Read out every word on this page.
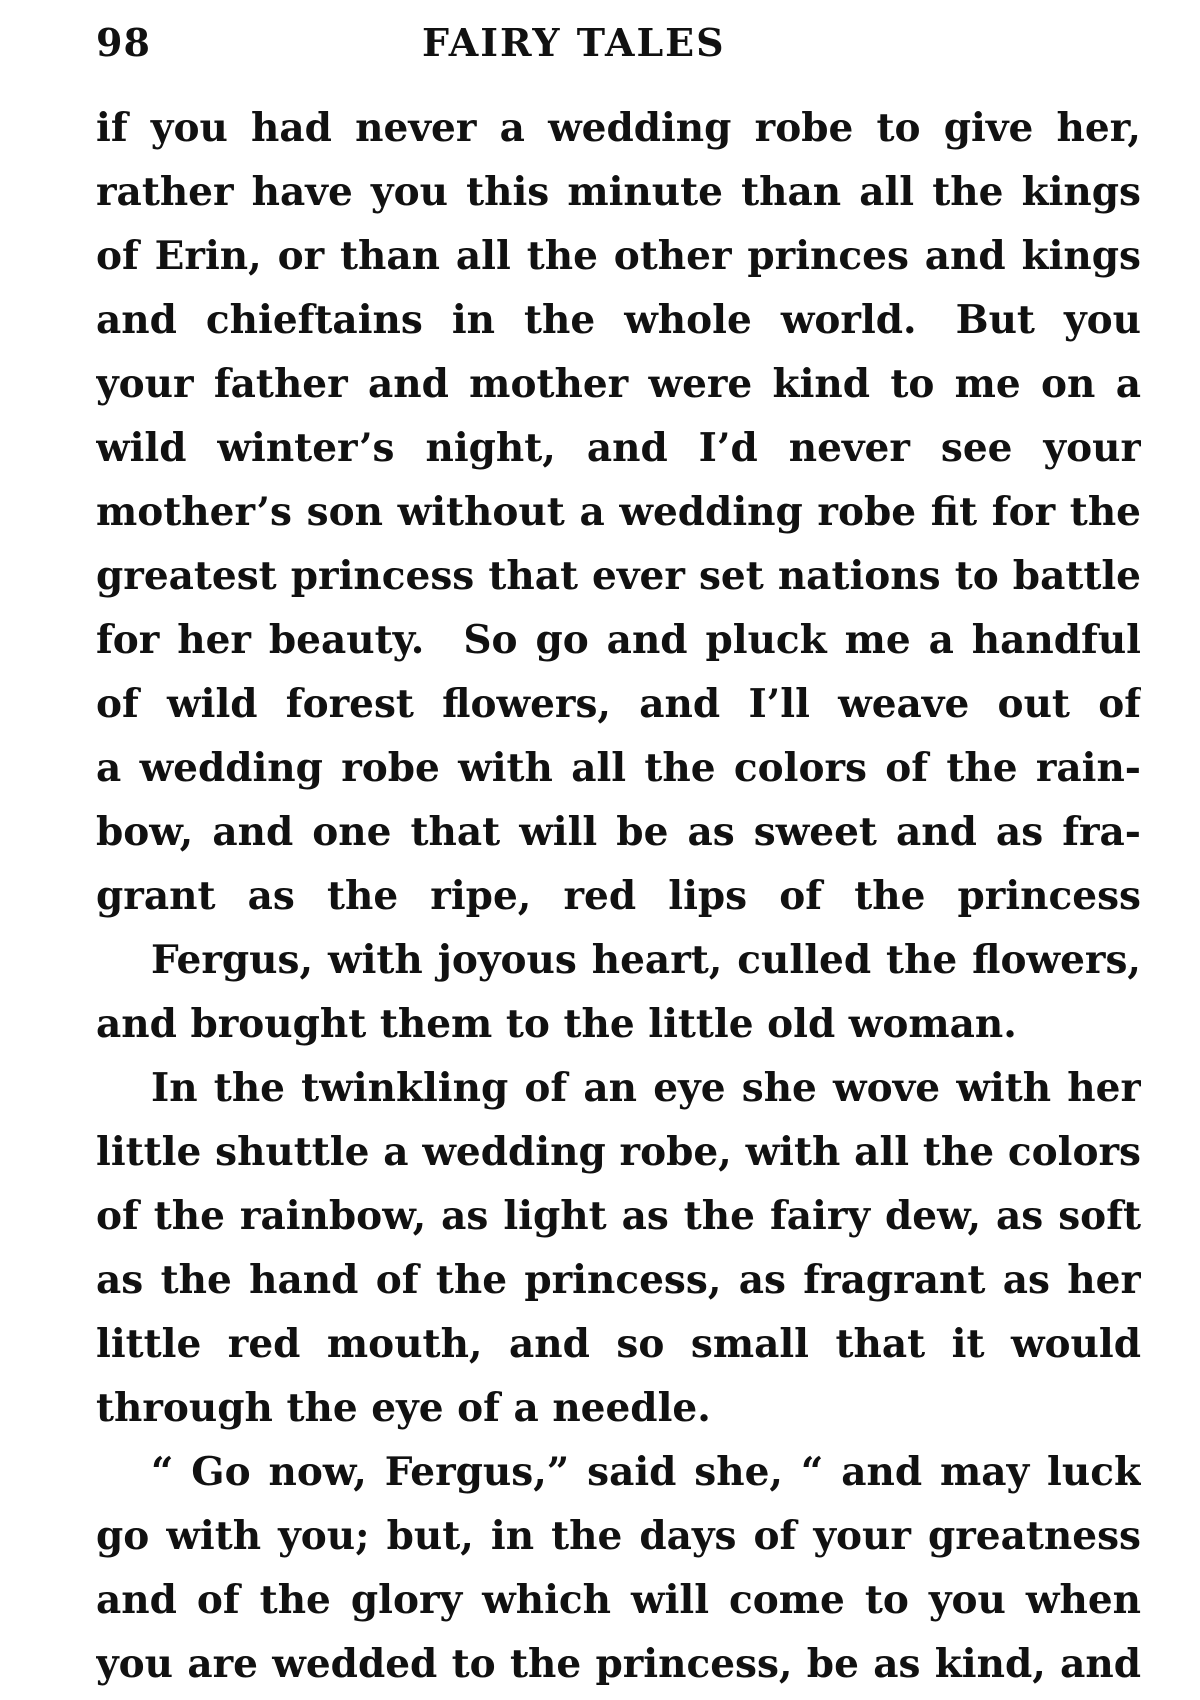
98	FAIRY TALES
if you had never a wedding robe to give her,
rather have you this minute than all the kings
of Erin, or than all the other princes and kings
and chieftains in the whole world. But you
your father and mother were kind to me on a
wild winter’s night, and I’d never see your
mother’s son without a wedding robe fit for the
greatest princess that ever set nations to battle
for her beauty. So go and pluck me a handful
of wild forest flowers, and I’ll weave out of
a wedding robe with all the colors of the rain-
bow, and one that will be as sweet and as fra-
grant as the ripe, red lips of the princess
Fergus, with joyous heart, culled the flowers,
and brought them to the little old woman.
In the twinkling of an eye she wove with her
little shuttle a wedding robe, with all the colors
of the rainbow, as light as the fairy dew, as soft
as the hand of the princess, as fragrant as her
little red mouth, and so small that it would
through the eye of a needle.
“ Go now, Fergus,” said she, “ and may luck
go with you; but, in the days of your greatness
and of the glory which will come to you when
you are wedded to the princess, be as kind, and
